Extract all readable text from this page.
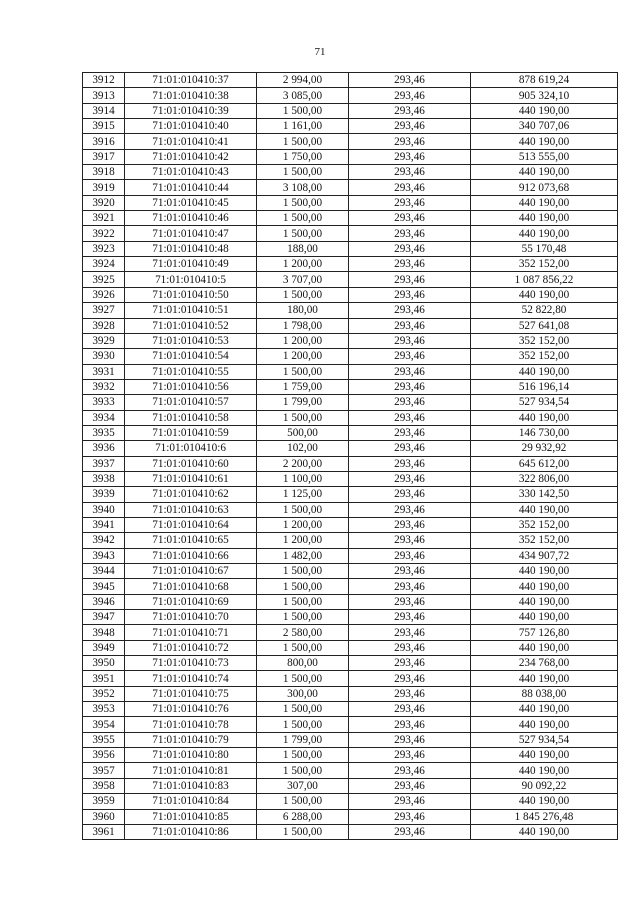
71
3912	71:01:010410:37	2 994,00	293,46	878 619,24
3913	71:01:010410:38	3 085,00	293,46	905 324,10
3914	71:01:010410:39	1 500,00	293,46	440 190,00
3915	71:01:010410:40	1 161,00	293,46	340 707,06
3916	71:01:010410:41	1 500,00	293,46	440 190,00
3917	71:01:010410:42	1 750,00	293,46	513 555,00
3918	71:01:010410:43	1 500,00	293,46	440 190,00
3919	71:01:010410:44	3 108,00	293,46	912 073,68
3920	71:01:010410:45	1 500,00	293,46	440 190,00
3921	71:01:010410:46	1 500,00	293,46	440 190,00
3922	71:01:010410:47	1 500,00	293,46	440 190,00
3923	71:01:010410:48	188,00	293,46	55 170,48
3924	71:01:010410:49	1 200,00	293,46	352 152,00
3925	71:01:010410:5	3 707,00	293,46	1 087 856,22
3926	71:01:010410:50	1 500,00	293,46	440 190,00
3927	71:01:010410:51	180,00	293,46	52 822,80
3928	71:01:010410:52	1 798,00	293,46	527 641,08
3929	71:01:010410:53	1 200,00	293,46	352 152,00
3930	71:01:010410:54	1 200,00	293,46	352 152,00
3931	71:01:010410:55	1 500,00	293,46	440 190,00
3932	71:01:010410:56	1 759,00	293,46	516 196,14
3933	71:01:010410:57	1 799,00	293,46	527 934,54
3934	71:01:010410:58	1 500,00	293,46	440 190,00
3935	71:01:010410:59	500,00	293,46	146 730,00
3936	71:01:010410:6	102,00	293,46	29 932,92
3937	71:01:010410:60	2 200,00	293,46	645 612,00
3938	71:01:010410:61	1 100,00	293,46	322 806,00
3939	71:01:010410:62	1 125,00	293,46	330 142,50
3940	71:01:010410:63	1 500,00	293,46	440 190,00
3941	71:01:010410:64	1 200,00	293,46	352 152,00
3942	71:01:010410:65	1 200,00	293,46	352 152,00
3943	71:01:010410:66	1 482,00	293,46	434 907,72
3944	71:01:010410:67	1 500,00	293,46	440 190,00
3945	71:01:010410:68	1 500,00	293,46	440 190,00
3946	71:01:010410:69	1 500,00	293,46	440 190,00
3947	71:01:010410:70	1 500,00	293,46	440 190,00
3948	71:01:010410:71	2 580,00	293,46	757 126,80
3949	71:01:010410:72	1 500,00	293,46	440 190,00
3950	71:01:010410:73	800,00	293,46	234 768,00
3951	71:01:010410:74	1 500,00	293,46	440 190,00
3952	71:01:010410:75	300,00	293,46	88 038,00
3953	71:01:010410:76	1 500,00	293,46	440 190,00
3954	71:01:010410:78	1 500,00	293,46	440 190,00
3955	71:01:010410:79	1 799,00	293,46	527 934,54
3956	71:01:010410:80	1 500,00	293,46	440 190,00
3957	71:01:010410:81	1 500,00	293,46	440 190,00
3958	71:01:010410:83	307,00	293,46	90 092,22
3959	71:01:010410:84	1 500,00	293,46	440 190,00
3960	71:01:010410:85	6 288,00	293,46	1 845 276,48
3961	71:01:010410:86	1 500,00	293,46	440 190,00
